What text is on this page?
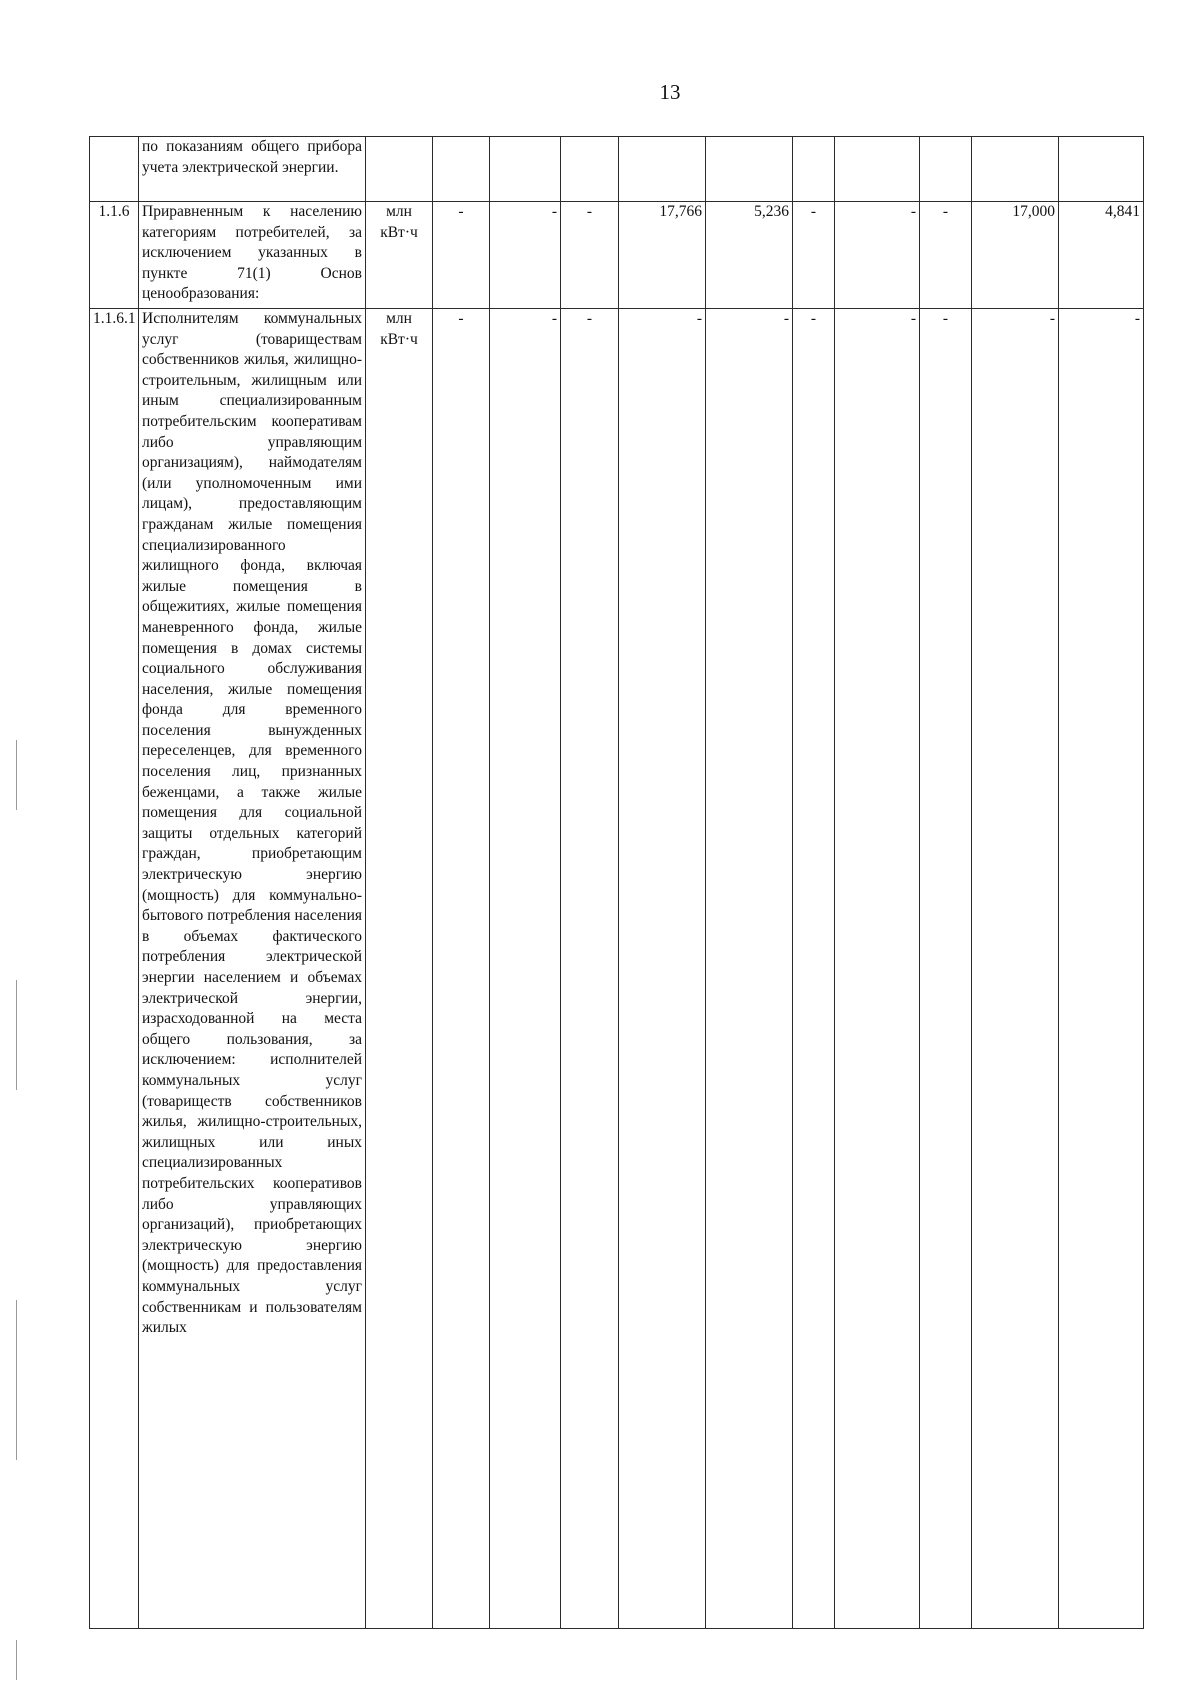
13
	по показаниям общего прибора учета электрической энергии.											
1.1.6	Приравненным к населению категориям потребителей, за исключением указанных в пункте 71(1) Основ ценообразования:	млн кВт·ч	-	-	-	17,766	5,236	-	-	-	17,000	4,841
1.1.6.1	Исполнителям коммунальных услуг (товариществам собственников жилья, жилищно-строительным, жилищным или иным специализированным потребительским кооперативам либо управляющим организациям), наймодателям (или уполномоченным ими лицам), предоставляющим гражданам жилые помещения специализированного жилищного фонда, включая жилые помещения в общежитиях, жилые помещения маневренного фонда, жилые помещения в домах системы социального обслуживания населения, жилые помещения фонда для временного поселения вынужденных переселенцев, для временного поселения лиц, признанных беженцами, а также жилые помещения для социальной защиты отдельных категорий граждан, приобретающим электрическую энергию (мощность) для коммунально-бытового потребления населения в объемах фактического потребления электрической энергии населением и объемах электрической энергии, израсходованной на места общего пользования, за исключением: исполнителей коммунальных услуг (товариществ собственников жилья, жилищно-строительных, жилищных или иных специализированных потребительских кооперативов либо управляющих организаций), приобретающих электрическую энергию (мощность) для предоставления коммунальных услуг собственникам и пользователям жилых	млн кВт·ч	-	-	-	-	-	-	-	-	-	-
